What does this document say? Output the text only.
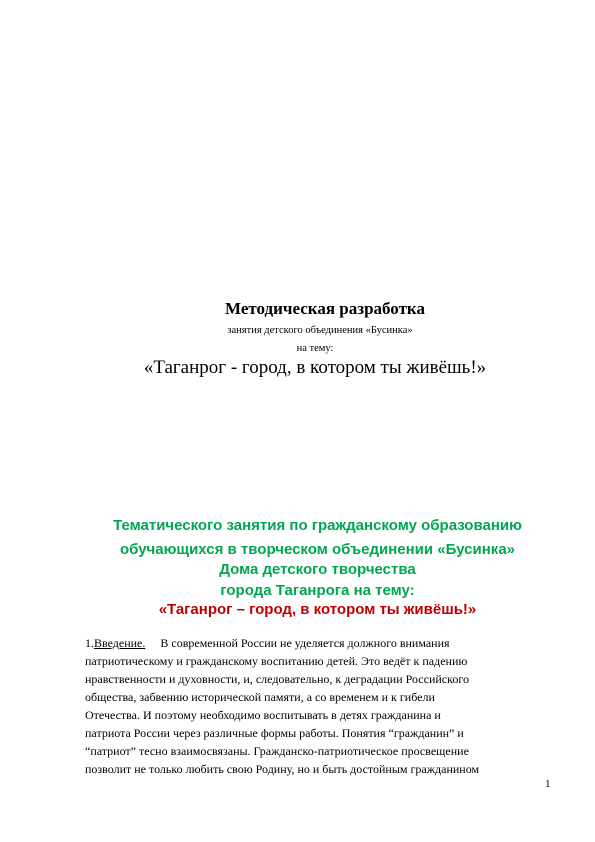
Методическая разработка
занятия детского объединения «Бусинка»
на тему:
«Таганрог - город, в котором ты живёшь!»
Тематического занятия по гражданскому образованию
обучающихся в творческом объединении «Бусинка»
Дома детского творчества
города Таганрога на тему:
«Таганрог – город, в котором ты живёшь!»
1.Введение.     В современной России не уделяется должного внимания
патриотическому и гражданскому воспитанию детей. Это ведёт к падению
нравственности и духовности, и, следовательно, к деградации Российского
общества, забвению исторической памяти, а со временем и к гибели
Отечества. И поэтому необходимо воспитывать в детях гражданина и
патриота России через различные формы работы. Понятия “гражданин” и
“патриот” тесно взаимосвязаны. Гражданско-патриотическое просвещение
позволит не только любить свою Родину, но и быть достойным гражданином
1
